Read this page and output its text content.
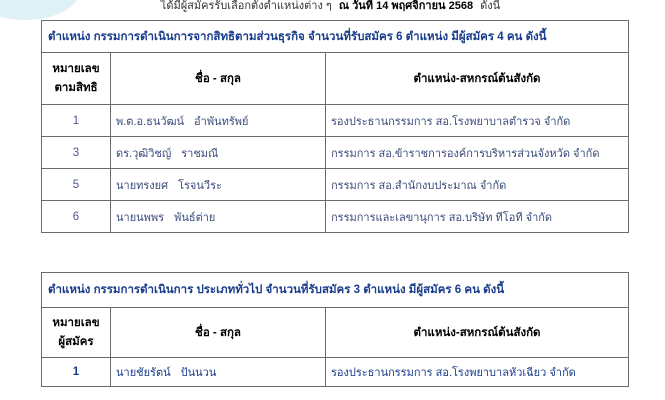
ได้มีผู้สมัครรับเลือกตั้งตำแหน่งต่าง ๆ ณ วันที่ 14 พฤศจิกายน 2568 ดังนี้
ตำแหน่ง กรรมการดำเนินการจากสิทธิตามส่วนธุรกิจ จำนวนที่รับสมัคร 6 ตำแหน่ง มีผู้สมัคร 4 คน ดังนี้		
หมายเลข
ตามสิทธิ	ชื่อ - สกุล	ตำแหน่ง-สหกรณ์ต้นสังกัด
1	พ.ต.อ.ธนวัฒน์ อำพันทรัพย์	รองประธานกรรมการ สอ.โรงพยาบาลตำรวจ จำกัด
3	ดร.วุฒิวิชญ์ ราชมณี	กรรมการ สอ.ข้าราชการองค์การบริหารส่วนจังหวัด จำกัด
5	นายทรงยศ โรจนวีระ	กรรมการ สอ.สำนักงบประมาณ จำกัด
6	นายนพพร พันธ์ต่าย	กรรมการและเลขานุการ สอ.บริษัท ทีโอที จำกัด
ตำแหน่ง กรรมการดำเนินการ ประเภททั่วไป จำนวนที่รับสมัคร 3 ตำแหน่ง มีผู้สมัคร 6 คน ดังนี้		
หมายเลข
ผู้สมัคร	ชื่อ - สกุล	ตำแหน่ง-สหกรณ์ต้นสังกัด
1	นายชัยรัตน์ ปันนวน	รองประธานกรรมการ สอ.โรงพยาบาลหัวเฉียว จำกัด
